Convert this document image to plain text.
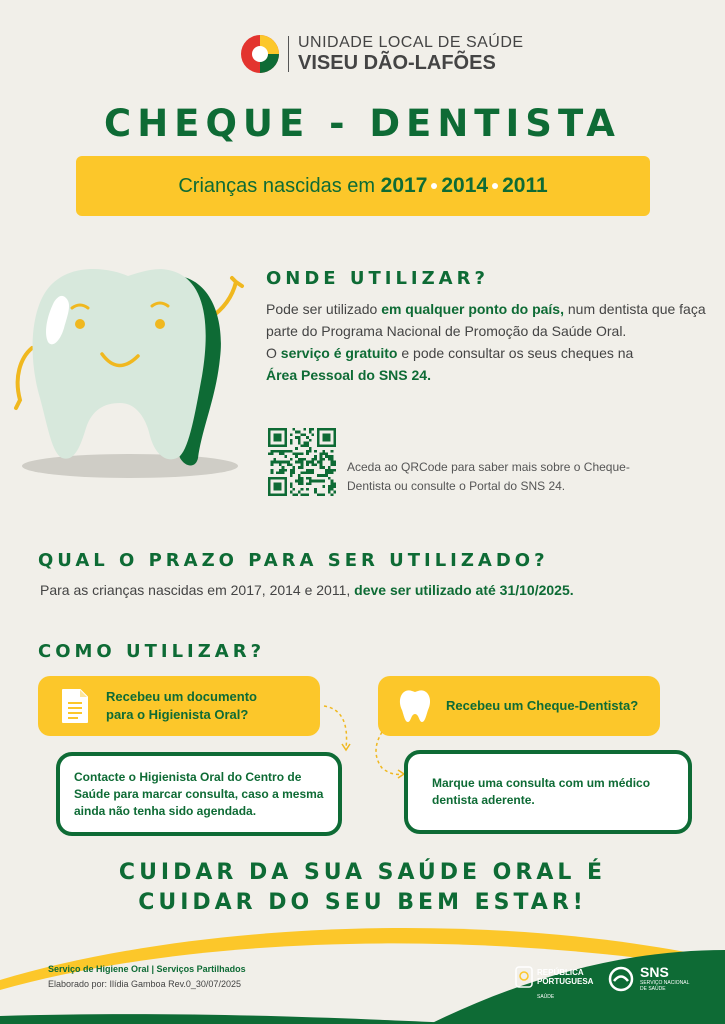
UNIDADE LOCAL DE SAÚDE
VISEU DÃO-LAFÕES
CHEQUE - DENTISTA
Crianças nascidas em
2017 2014 2011
ONDE UTILIZAR?
Pode ser utilizado em qualquer ponto do país, num dentista que faça parte do Programa Nacional de Promoção da Saúde Oral.
O serviço é gratuito e pode consultar os seus cheques na
Área Pessoal do SNS 24.
Aceda ao QRCode para saber mais sobre o Cheque-Dentista ou consulte o Portal do SNS 24.
QUAL O PRAZO PARA SER UTILIZADO?
Para as crianças nascidas em 2017, 2014 e 2011, deve ser utilizado até 31/10/2025.
COMO UTILIZAR?
Recebeu um documento para o Higienista Oral?
Recebeu um Cheque-Dentista?
Contacte o Higienista Oral do Centro de Saúde para marcar consulta, caso a mesma ainda não tenha sido agendada.
Marque uma consulta com um médico dentista aderente.
CUIDAR DA SUA SAÚDE ORAL É
CUIDAR DO SEU BEM ESTAR!
Serviço de Higiene Oral | Serviços Partilhados
Elaborado por: Ilídia Gamboa Rev.0_30/07/2025
REPÚBLICA
PORTUGUESA
SAÚDE
SNS
SERVIÇO NACIONAL
DE SAÚDE
